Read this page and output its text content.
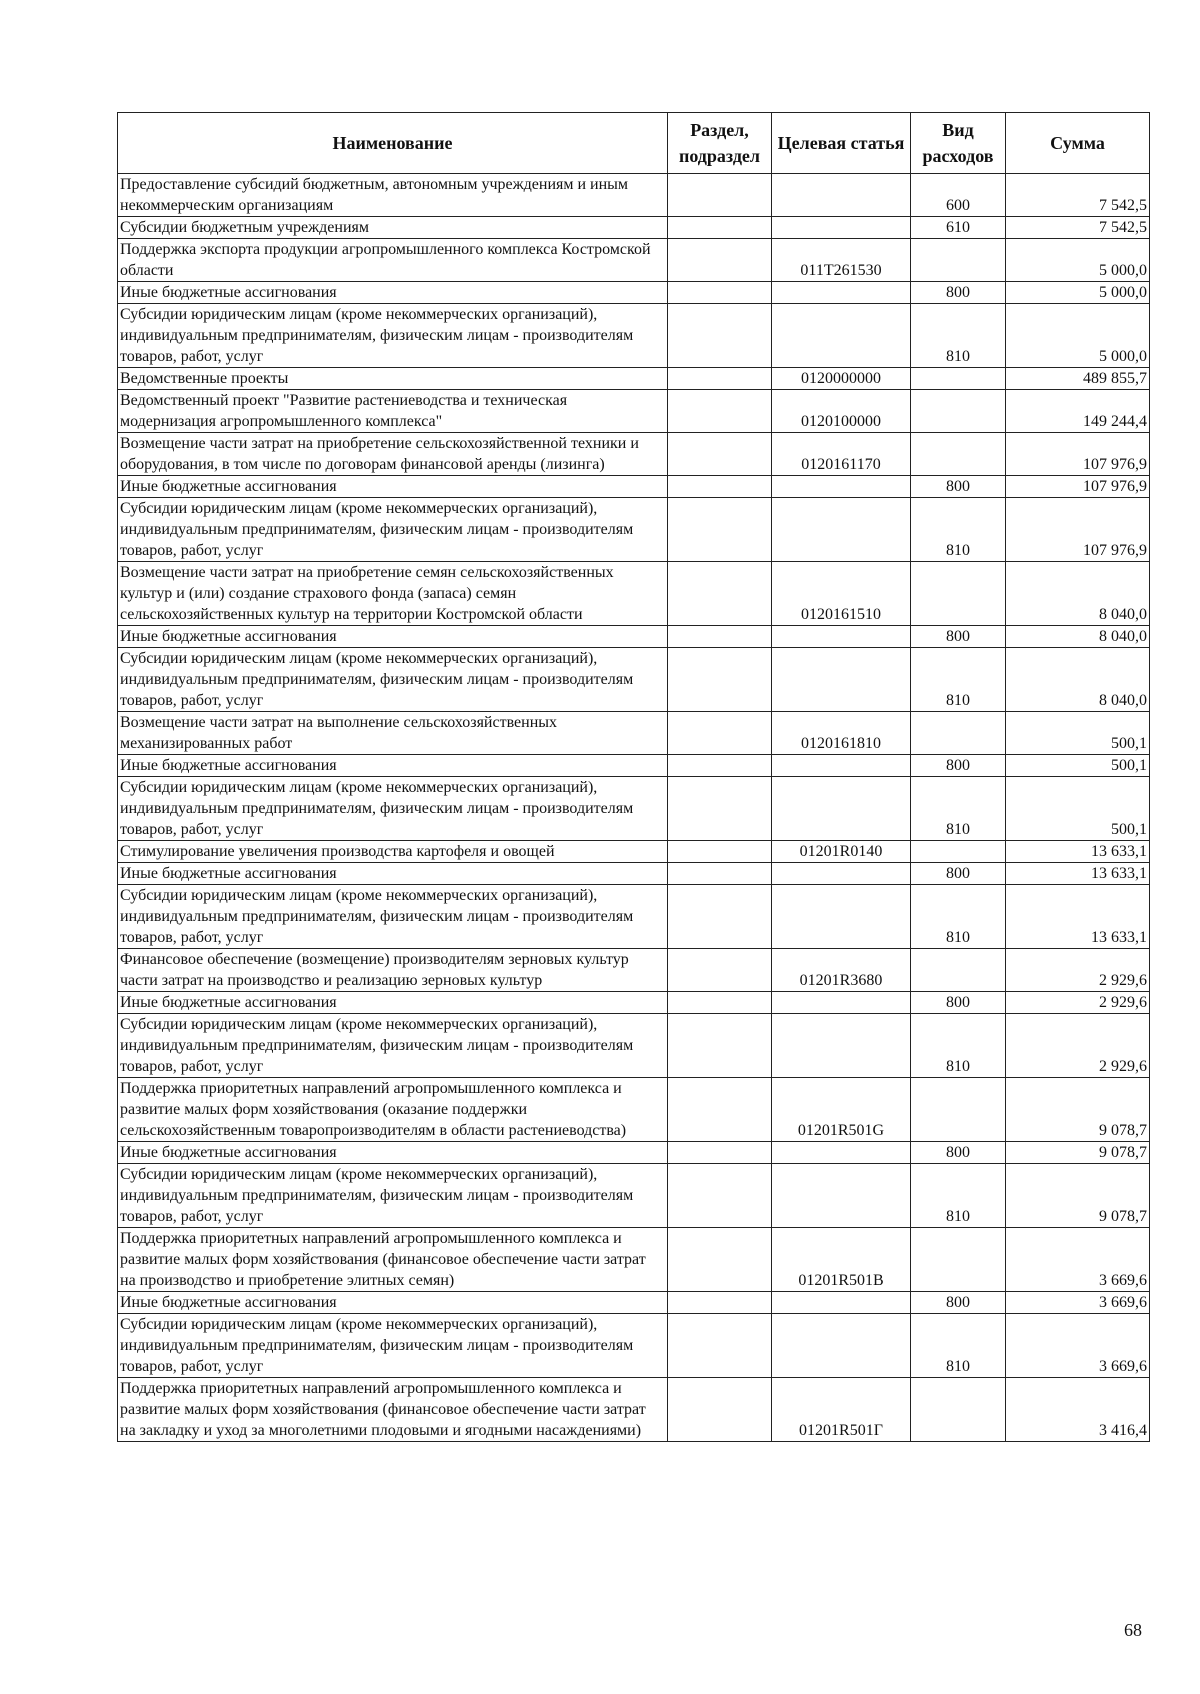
Наименование	Раздел, подраздел	Целевая статья	Вид расходов	Сумма
Предоставление субсидий бюджетным, автономным учреждениям и иным некоммерческим организациям			600	7 542,5
Субсидии бюджетным учреждениям			610	7 542,5
Поддержка экспорта продукции агропромышленного комплекса Костромской области		011T261530		5 000,0
Иные бюджетные ассигнования			800	5 000,0
Субсидии юридическим лицам (кроме некоммерческих организаций), индивидуальным предпринимателям, физическим лицам - производителям товаров, работ, услуг			810	5 000,0
Ведомственные проекты		0120000000		489 855,7
Ведомственный проект "Развитие растениеводства и техническая модернизация агропромышленного комплекса"		0120100000		149 244,4
Возмещение части затрат на приобретение сельскохозяйственной техники и оборудования, в том числе по договорам финансовой аренды (лизинга)		0120161170		107 976,9
Иные бюджетные ассигнования			800	107 976,9
Субсидии юридическим лицам (кроме некоммерческих организаций), индивидуальным предпринимателям, физическим лицам - производителям товаров, работ, услуг			810	107 976,9
Возмещение части затрат на приобретение семян сельскохозяйственных культур и (или) создание страхового фонда (запаса) семян сельскохозяйственных культур на территории Костромской области		0120161510		8 040,0
Иные бюджетные ассигнования			800	8 040,0
Субсидии юридическим лицам (кроме некоммерческих организаций), индивидуальным предпринимателям, физическим лицам - производителям товаров, работ, услуг			810	8 040,0
Возмещение части затрат на выполнение сельскохозяйственных механизированных работ		0120161810		500,1
Иные бюджетные ассигнования			800	500,1
Субсидии юридическим лицам (кроме некоммерческих организаций), индивидуальным предпринимателям, физическим лицам - производителям товаров, работ, услуг			810	500,1
Стимулирование увеличения производства картофеля и овощей		01201R0140		13 633,1
Иные бюджетные ассигнования			800	13 633,1
Субсидии юридическим лицам (кроме некоммерческих организаций), индивидуальным предпринимателям, физическим лицам - производителям товаров, работ, услуг			810	13 633,1
Финансовое обеспечение (возмещение) производителям зерновых культур части затрат на производство и реализацию зерновых культур		01201R3680		2 929,6
Иные бюджетные ассигнования			800	2 929,6
Субсидии юридическим лицам (кроме некоммерческих организаций), индивидуальным предпринимателям, физическим лицам - производителям товаров, работ, услуг			810	2 929,6
Поддержка приоритетных направлений агропромышленного комплекса и развитие малых форм хозяйствования (оказание поддержки сельскохозяйственным товаропроизводителям в области растениеводства)		01201R501G		9 078,7
Иные бюджетные ассигнования			800	9 078,7
Субсидии юридическим лицам (кроме некоммерческих организаций), индивидуальным предпринимателям, физическим лицам - производителям товаров, работ, услуг			810	9 078,7
Поддержка приоритетных направлений агропромышленного комплекса и развитие малых форм хозяйствования (финансовое обеспечение части затрат на производство и приобретение элитных семян)		01201R501B		3 669,6
Иные бюджетные ассигнования			800	3 669,6
Субсидии юридическим лицам (кроме некоммерческих организаций), индивидуальным предпринимателям, физическим лицам - производителям товаров, работ, услуг			810	3 669,6
Поддержка приоритетных направлений агропромышленного комплекса и развитие малых форм хозяйствования (финансовое обеспечение части затрат на закладку и уход за многолетними плодовыми и ягодными насаждениями)		01201R501Г		3 416,4
68
